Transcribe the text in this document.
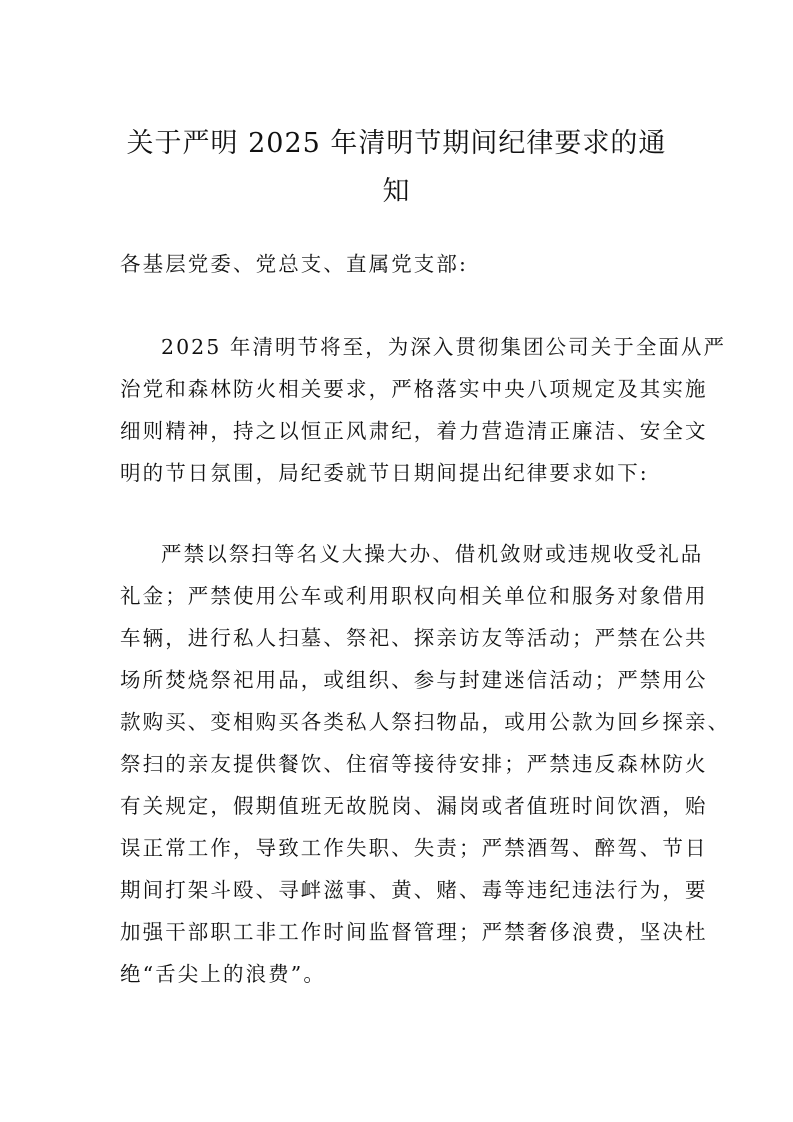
关于严明 2025 年清明节期间纪律要求的通
知
各基层党委、党总支、直属党支部:
2025 年清明节将至，为深入贯彻集团公司关于全面从严
治党和森林防火相关要求，严格落实中央八项规定及其实施
细则精神，持之以恒正风肃纪，着力营造清正廉洁、安全文
明的节日氛围，局纪委就节日期间提出纪律要求如下:
严禁以祭扫等名义大操大办、借机敛财或违规收受礼品
礼金；严禁使用公车或利用职权向相关单位和服务对象借用
车辆，进行私人扫墓、祭祀、探亲访友等活动；严禁在公共
场所焚烧祭祀用品，或组织、参与封建迷信活动；严禁用公
款购买、变相购买各类私人祭扫物品，或用公款为回乡探亲、
祭扫的亲友提供餐饮、住宿等接待安排；严禁违反森林防火
有关规定，假期值班无故脱岗、漏岗或者值班时间饮酒，贻
误正常工作，导致工作失职、失责；严禁酒驾、醉驾、节日
期间打架斗殴、寻衅滋事、黄、赌、毒等违纪违法行为，要
加强干部职工非工作时间监督管理；严禁奢侈浪费，坚决杜
绝“舌尖上的浪费”。
